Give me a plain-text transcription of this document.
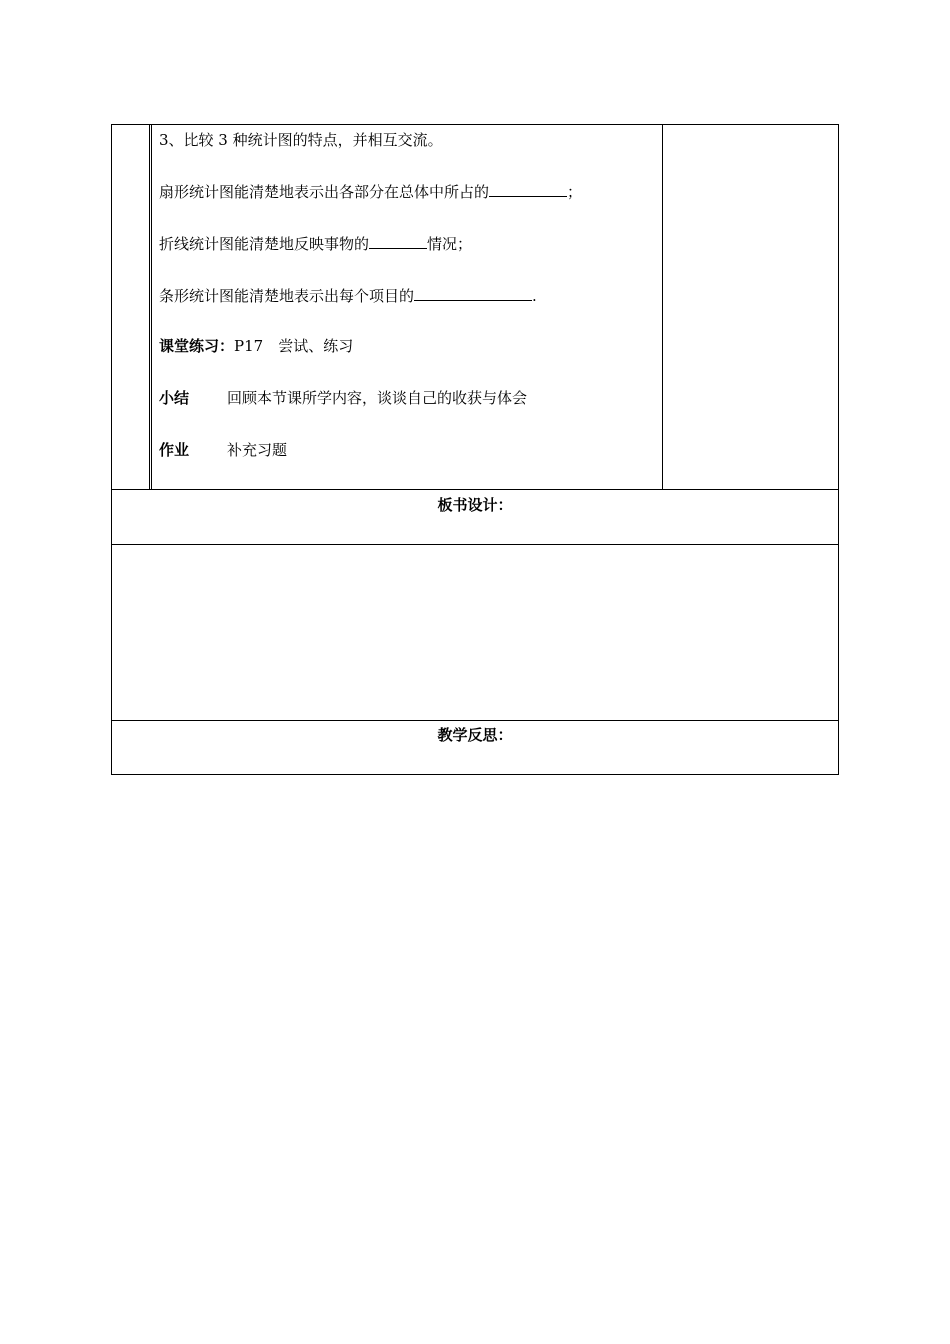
3、比较 3 种统计图的特点，并相互交流。
扇形统计图能清楚地表示出各部分在总体中所占的	；
折线统计图能清楚地反映事物的	情况；
条形统计图能清楚地表示出每个项目的	.
课堂练习：P17　尝试、练习
小结	回顾本节课所学内容，谈谈自己的收获与体会
作业	补充习题
板书设计：
教学反思：
